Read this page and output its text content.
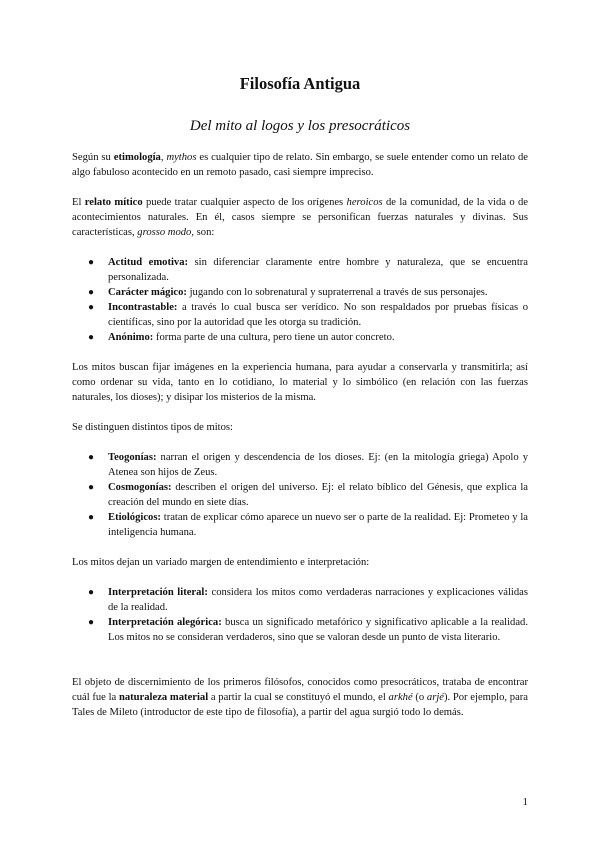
Filosofía Antigua
Del mito al logos y los presocráticos

Según su etimología, mythos es cualquier tipo de relato. Sin embargo, se suele entender como un relato de algo fabuloso acontecido en un remoto pasado, casi siempre impreciso.

El relato mítico puede tratar cualquier aspecto de los orígenes heroicos de la comunidad, de la vida o de acontecimientos naturales. En él, casos siempre se personifican fuerzas naturales y divinas. Sus características, grosso modo, son:

● Actitud emotiva: sin diferenciar claramente entre hombre y naturaleza, que se encuentra personalizada.
● Carácter mágico: jugando con lo sobrenatural y supraterrenal a través de sus personajes.
● Incontrastable: a través lo cual busca ser verídico. No son respaldados por pruebas físicas o científicas, sino por la autoridad que les otorga su tradición.
● Anónimo: forma parte de una cultura, pero tiene un autor concreto.

Los mitos buscan fijar imágenes en la experiencia humana, para ayudar a conservarla y transmitirla; así como ordenar su vida, tanto en lo cotidiano, lo material y lo simbólico (en relación con las fuerzas naturales, los dioses); y disipar los misterios de la misma.

Se distinguen distintos tipos de mitos:

● Teogonías: narran el origen y descendencia de los dioses. Ej: (en la mitología griega) Apolo y Atenea son hijos de Zeus.
● Cosmogonías: describen el origen del universo. Ej: el relato bíblico del Génesis, que explica la creación del mundo en siete días.
● Etiológicos: tratan de explicar cómo aparece un nuevo ser o parte de la realidad. Ej: Prometeo y la inteligencia humana.

Los mitos dejan un variado margen de entendimiento e interpretación:

● Interpretación literal: considera los mitos como verdaderas narraciones y explicaciones válidas de la realidad.
● Interpretación alegórica: busca un significado metafórico y significativo aplicable a la realidad. Los mitos no se consideran verdaderos, sino que se valoran desde un punto de vista literario.

El objeto de discernimiento de los primeros filósofos, conocidos como presocráticos, trataba de encontrar cuál fue la naturaleza material a partir la cual se constituyó el mundo, el arkhé (o arjé). Por ejemplo, para Tales de Mileto (introductor de este tipo de filosofía), a partir del agua surgió todo lo demás.

1
